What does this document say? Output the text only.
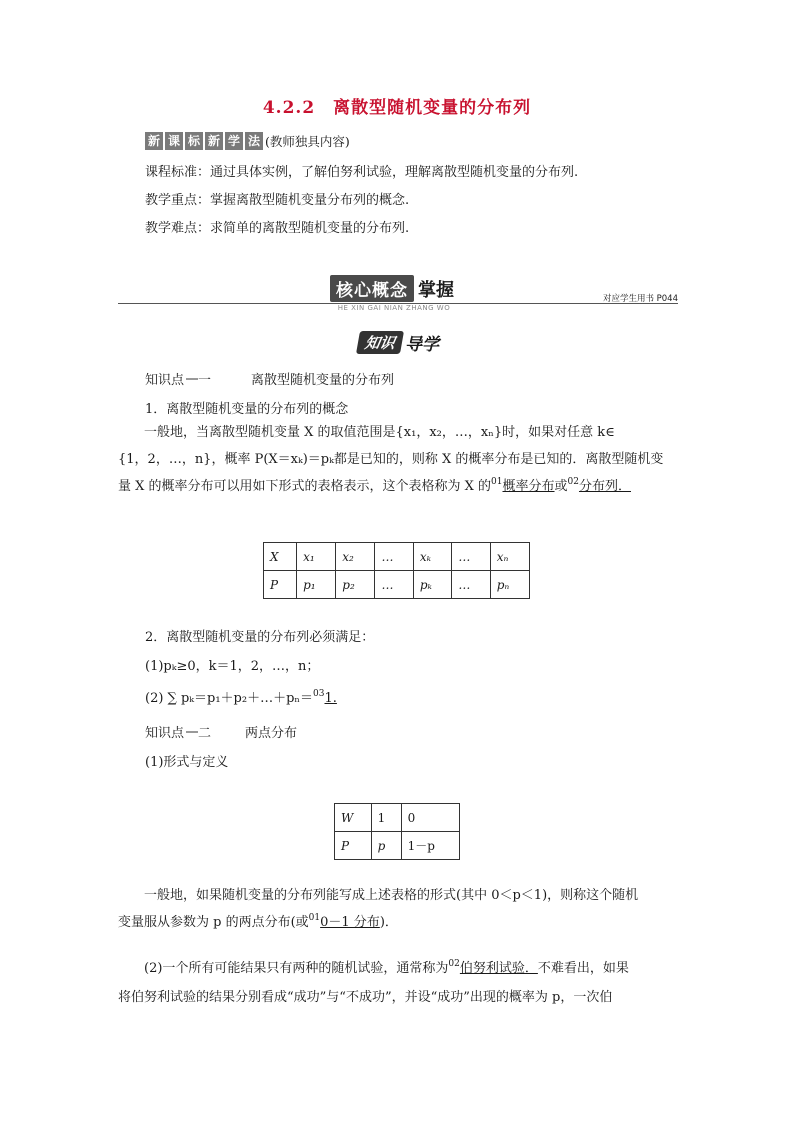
4.2.2 离散型随机变量的分布列
新 课 标 新 学 法 (教师独具内容)
课程标准：通过具体实例，了解伯努利试验，理解离散型随机变量的分布列.
教学重点：掌握离散型随机变量分布列的概念.
教学难点：求简单的离散型随机变量的分布列.
核心概念 掌握
HE XIN GAI NIAN ZHANG WO
对应学生用书 P044
知识 导学
知识点 一	离散型随机变量的分布列
1．离散型随机变量的分布列的概念

一般地，当离散型随机变量 X 的取值范围是{x₁，x₂，…，xₙ}时，如果对任意 k∈

{1，2，…，n}，概率 P(X＝xₖ)＝pₖ都是已知的，则称 X 的概率分布是已知的．离散型随机变
量 X 的概率分布可以用如下形式的表格表示，这个表格称为 X 的$^{01}$概率分布或$^{02}$分布列．
X	x₁	x₂	…	xₖ	…	xₙ
P	p₁	p₂	…	pₖ	…	pₙ
2．离散型随机变量的分布列必须满足：
(1)pₖ≥0，k＝1，2，…，n；
(2) ∑ pₖ＝p₁＋p₂＋…＋pₙ＝$^{03}$1.
知识点 二	两点分布
(1)形式与定义
W	1	0
P	p	1－p

一般地，如果随机变量的分布列能写成上述表格的形式(其中 0＜p＜1)，则称这个随机

变量服从参数为 p 的两点分布(或$^{01}$0－1 分布)．

(2)一个所有可能结果只有两种的随机试验，通常称为$^{02}$伯努利试验．不难看出，如果

将伯努利试验的结果分别看成“成功”与“不成功”，并设“成功”出现的概率为 p，一次伯
